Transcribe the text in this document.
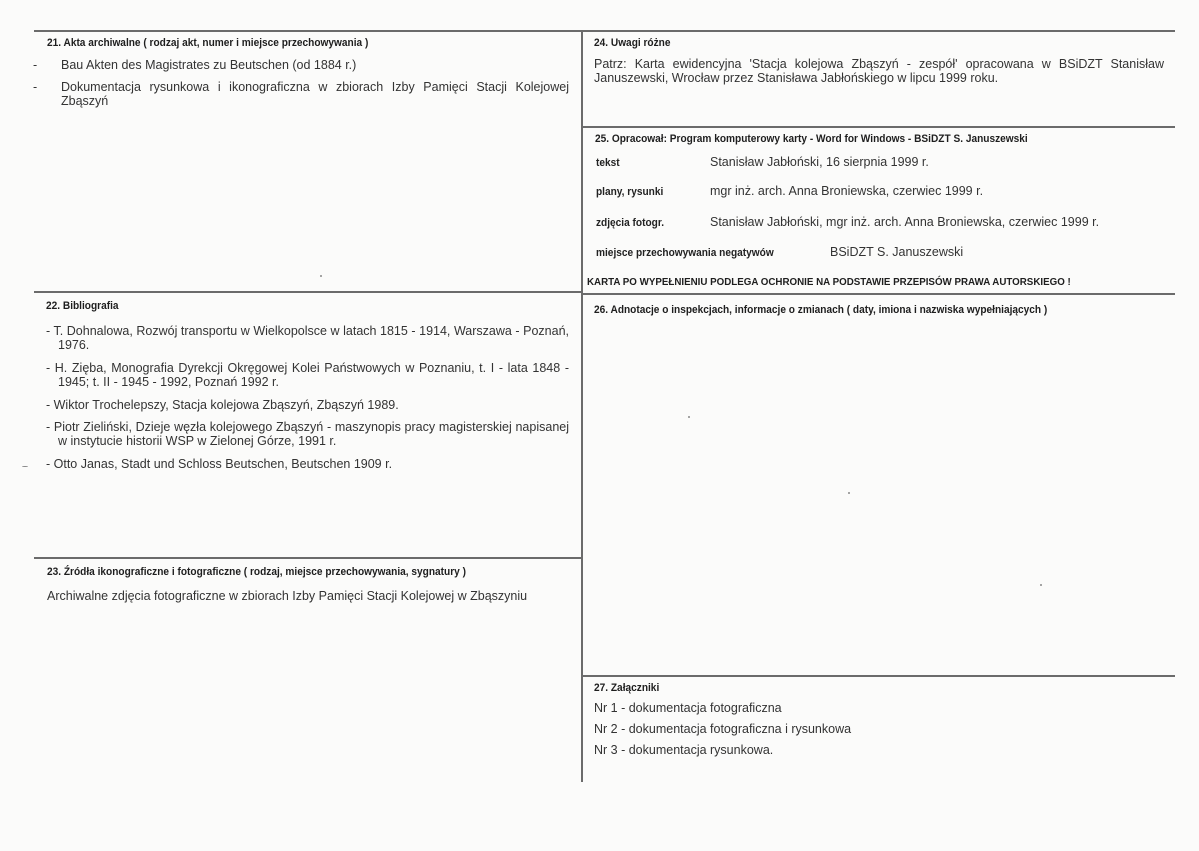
21. Akta archiwalne ( rodzaj akt, numer i miejsce przechowywania )
- Bau Akten des Magistrates zu Beutschen (od 1884 r.)
- Dokumentacja rysunkowa i ikonograficzna w zbiorach Izby Pamięci Stacji Kolejowej Zbąszyń
22. Bibliografia
- T. Dohnalowa, Rozwój transportu w Wielkopolsce w latach 1815 - 1914, Warszawa - Poznań, 1976.
- H. Zięba, Monografia Dyrekcji Okręgowej Kolei Państwowych w Poznaniu, t. I - lata 1848 - 1945; t. II - 1945 - 1992, Poznań 1992 r.
- Wiktor Trochelepszy, Stacja kolejowa Zbąszyń, Zbąszyń 1989.
- Piotr Zieliński, Dzieje węzła kolejowego Zbąszyń - maszynopis pracy magisterskiej napisanej w instytucie historii WSP w Zielonej Górze, 1991 r.
- Otto Janas, Stadt und Schloss Beutschen, Beutschen 1909 r.
23. Źródła ikonograficzne i fotograficzne ( rodzaj, miejsce przechowywania, sygnatury )
Archiwalne zdjęcia fotograficzne w zbiorach Izby Pamięci Stacji Kolejowej w Zbąszyniu
24. Uwagi różne
Patrz: Karta ewidencyjna 'Stacja kolejowa Zbąszyń - zespół' opracowana w BSiDZT Stanisław Januszewski, Wrocław przez Stanisława Jabłońskiego w lipcu 1999 roku.
25. Opracował: Program komputerowy karty - Word for Windows - BSiDZT S. Januszewski
tekst	Stanisław Jabłoński, 16 sierpnia 1999 r.
plany, rysunki	mgr inż. arch. Anna Broniewska, czerwiec 1999 r.
zdjęcia fotogr.	Stanisław Jabłoński, mgr inż. arch. Anna Broniewska, czerwiec 1999 r.
miejsce przechowywania negatywów	BSiDZT S. Januszewski
KARTA PO WYPEŁNIENIU PODLEGA OCHRONIE NA PODSTAWIE PRZEPISÓW PRAWA AUTORSKIEGO !
26. Adnotacje o inspekcjach, informacje o zmianach ( daty, imiona i nazwiska wypełniających )
27. Załączniki
Nr 1 - dokumentacja fotograficzna
Nr 2 - dokumentacja fotograficzna i rysunkowa
Nr 3 - dokumentacja rysunkowa.
